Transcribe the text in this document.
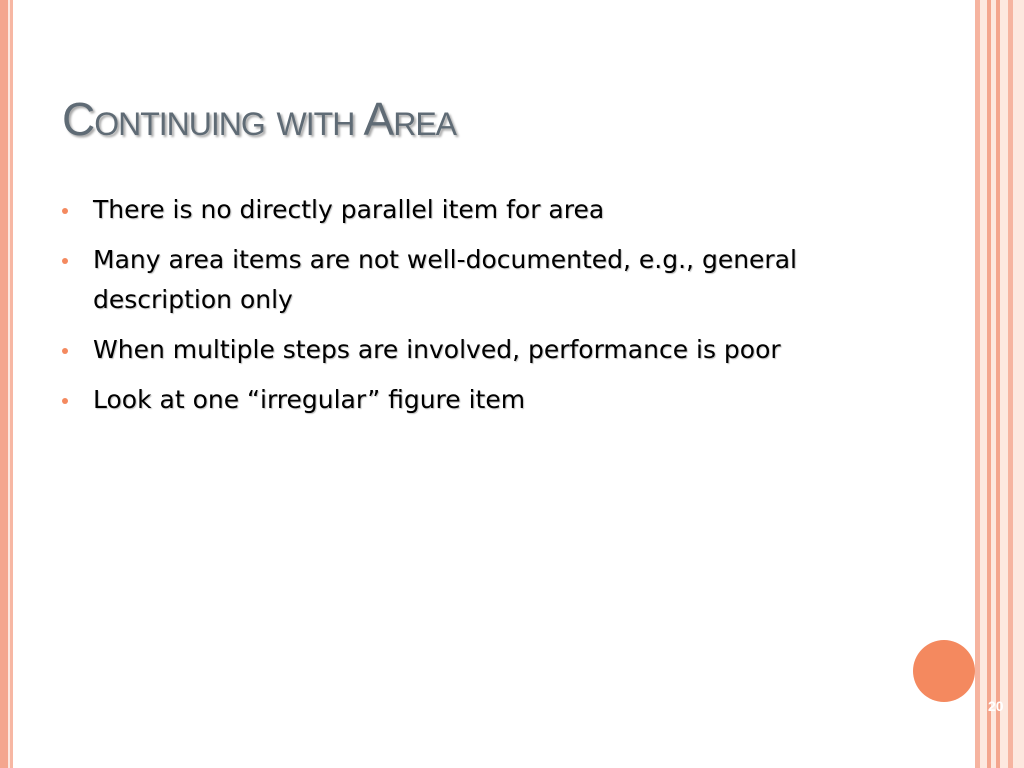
Continuing with Area
There is no directly parallel item for area
Many area items are not well-documented, e.g., general description only
When multiple steps are involved, performance is poor
Look at one “irregular” figure item
20
